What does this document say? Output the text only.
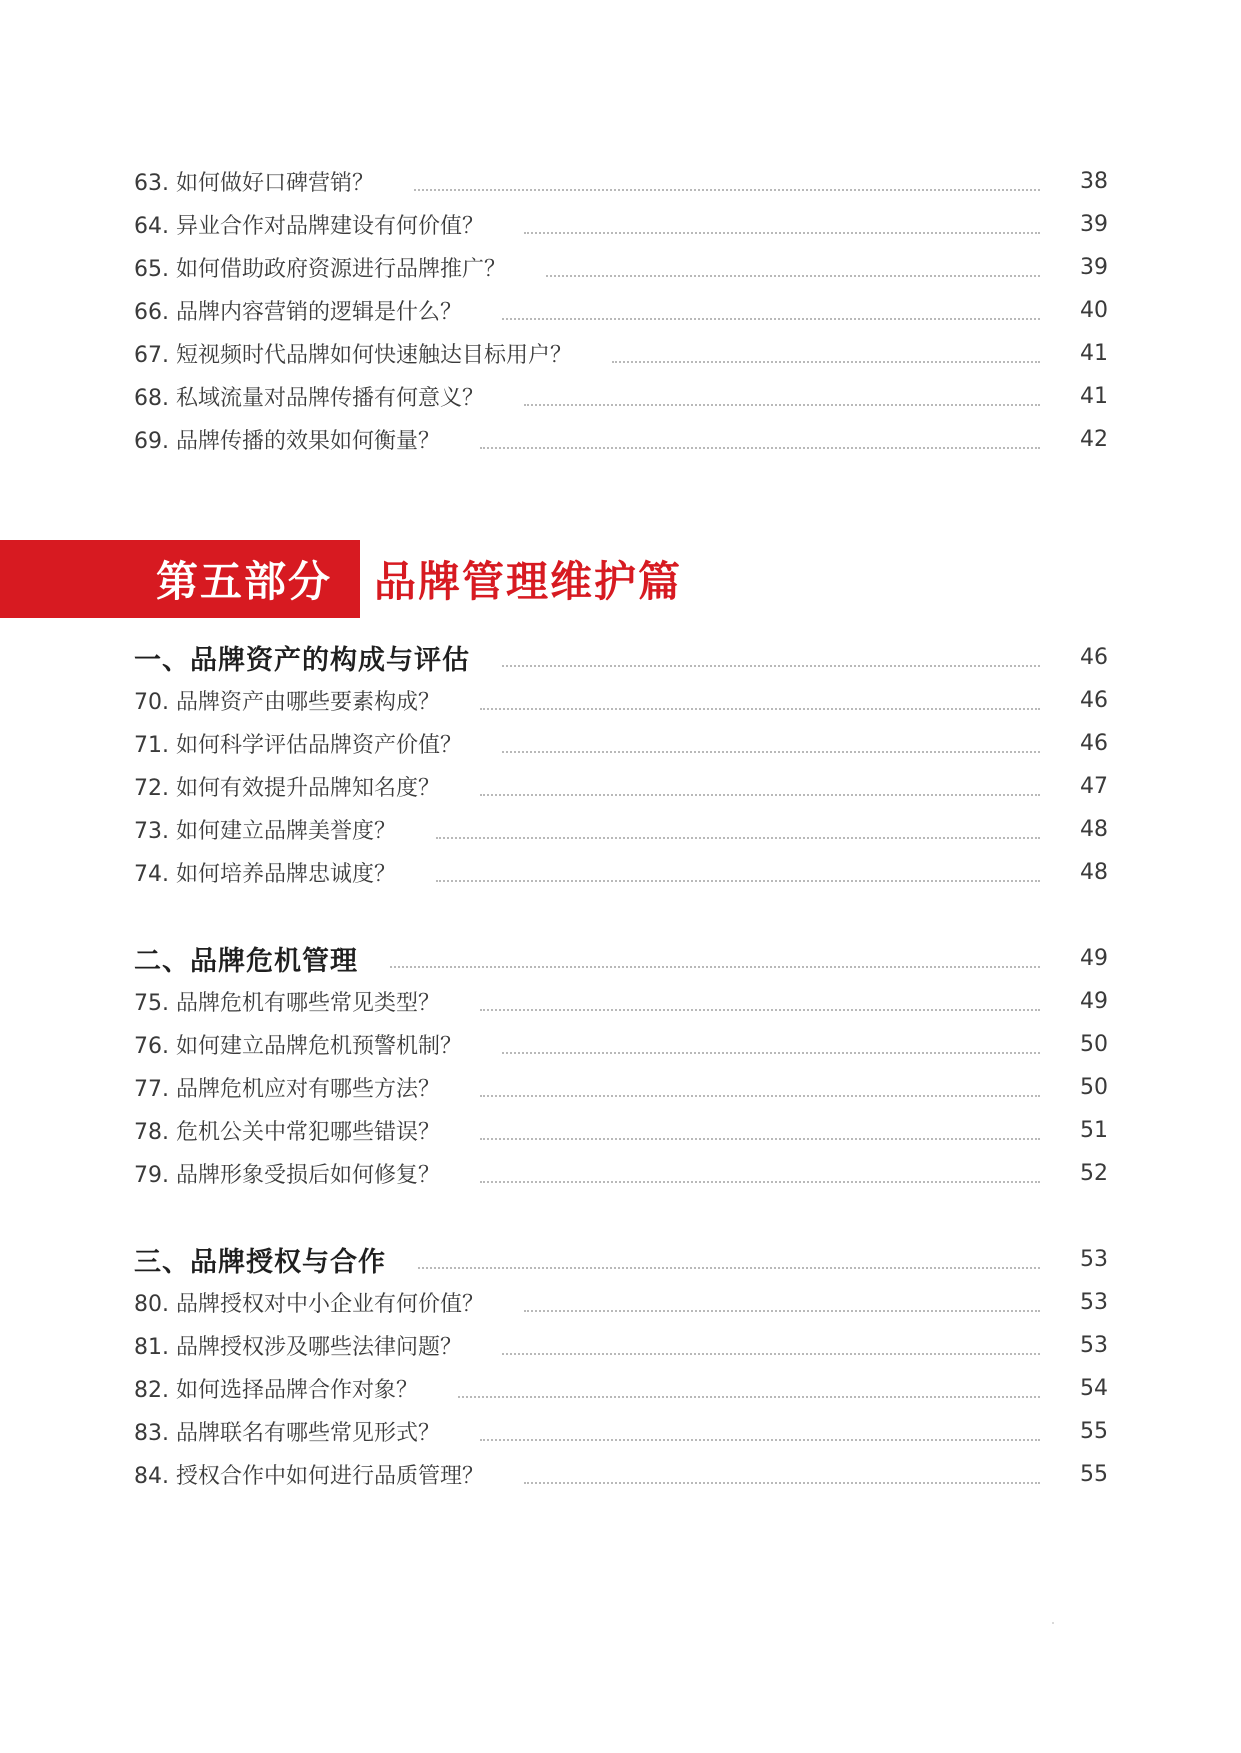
63. 如何做好口碑营销？	38
64. 异业合作对品牌建设有何价值？	39
65. 如何借助政府资源进行品牌推广？	39
66. 品牌内容营销的逻辑是什么？	40
67. 短视频时代品牌如何快速触达目标用户？	41
68. 私域流量对品牌传播有何意义？	41
69. 品牌传播的效果如何衡量？	42
第五部分 品牌管理维护篇
一、品牌资产的构成与评估	46
70. 品牌资产由哪些要素构成？	46
71. 如何科学评估品牌资产价值？	46
72. 如何有效提升品牌知名度？	47
73. 如何建立品牌美誉度？	48
74. 如何培养品牌忠诚度？	48
二、品牌危机管理	49
75. 品牌危机有哪些常见类型？	49
76. 如何建立品牌危机预警机制？	50
77. 品牌危机应对有哪些方法？	50
78. 危机公关中常犯哪些错误？	51
79. 品牌形象受损后如何修复？	52
三、品牌授权与合作	53
80. 品牌授权对中小企业有何价值？	53
81. 品牌授权涉及哪些法律问题？	53
82. 如何选择品牌合作对象？	54
83. 品牌联名有哪些常见形式？	55
84. 授权合作中如何进行品质管理？	55
